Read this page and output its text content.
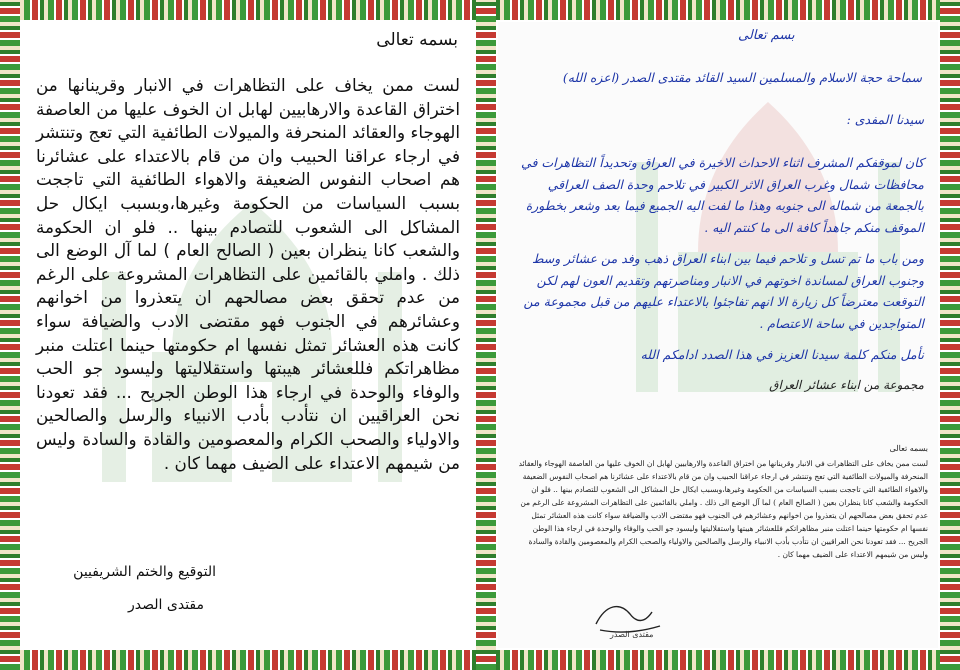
بسمه تعالى
لست ممن يخاف على التظاهرات في الانبار وقرينانها من اختراق القاعدة والارهابيين لهابل ان الخوف عليها من العاصفة الهوجاء والعقائد المنحرفة والميولات الطائفية التي تعج وتنتشر في ارجاء عراقنا الحبيب وان من قام بالاعتداء على عشائرنا هم اصحاب النفوس الضعيفة والاهواء الطائفية التي تاججت بسبب السياسات من الحكومة وغيرها،وبسبب ايكال حل المشاكل الى الشعوب للتصادم بينها .. فلو ان الحكومة والشعب كانا ينظران بعين ( الصالح العام ) لما آل الوضع الى ذلك . واملي بالقائمين على التظاهرات المشروعة على الرغم من عدم تحقق بعض مصالحهم ان يتعذروا من اخوانهم وعشائرهم في الجنوب فهو مقتضى الادب والضيافة سواء كانت هذه العشائر تمثل نفسها ام حكومتها حينما اعتلت منبر مظاهراتكم فللعشائر هيبتها واستقلاليتها وليسود جو الحب والوفاء والوحدة في ارجاء هذا الوطن الجريح ... فقد تعودنا نحن العراقيين ان نتأدب بأدب الانبياء والرسل والصالحين والاولياء والصحب الكرام والمعصومين والقادة والسادة وليس من شيمهم الاعتداء على الضيف مهما كان .
التوقيع والختم الشريفيين
مقتدى الصدر
بسم تعالى
سماحة حجة الاسلام والمسلمين السيد القائد مقتدى الصدر (اعزه الله)
سيدنا المفدى :

كان لموقفكم المشرف اثناء الاحداث الاخيرة في العراق وتحديداً التظاهرات في محافظات شمال وغرب العراق الاثر الكبير في تلاحم وحدة الصف العراقي بالجمعة من شماله الى جنوبه وهذا ما لفت اليه الجميع فيما بعد وشعر بخطورة الموقف منكم جاهداً كافة الى ما كنتم اليه .

ومن باب ما تم تسل و تلاحم فيما بين ابناء العراق ذهب وفد من عشائر وسط وجنوب العراق لمساندة اخوتهم في الانبار ومناصرتهم وتقديم العون لهم لكن التوقعت معترضاً كل زيارة الا انهم تفاجئوا بالاعتداء عليهم من قبل مجموعة من المتواجدين في ساحة الاعتصام .

نأمل منكم كلمة سيدنا العزيز في هذا الصدد ادامكم الله

مجموعة من ابناء عشائر العراق
بسمه تعالى
لست ممن يخاف على التظاهرات في الانبار وقرينانها من اختراق القاعدة والارهابيين لهابل ان الخوف عليها من العاصفة الهوجاء والعقائد المنحرفة والميولات الطائفية التي تعج وتنتشر في ارجاء عراقنا الحبيب وان من قام بالاعتداء على عشائرنا هم اصحاب النفوس الضعيفة والاهواء الطائفية التي تاججت بسبب السياسات من الحكومة وغيرها،وبسبب ايكال حل المشاكل الى الشعوب للتصادم بينها .. فلو ان الحكومة والشعب كانا ينظران بعين ( الصالح العام ) لما آل الوضع الى ذلك . واملي بالقائمين على التظاهرات المشروعة على الرغم من عدم تحقق بعض مصالحهم ان يتعذروا من اخوانهم وعشائرهم في الجنوب فهو مقتضى الادب والضيافة سواء كانت هذه العشائر تمثل نفسها ام حكومتها حينما اعتلت منبر مظاهراتكم فللعشائر هيبتها واستقلاليتها وليسود جو الحب والوفاء والوحدة في ارجاء هذا الوطن الجريح ... فقد تعودنا نحن العراقيين ان نتأدب بأدب الانبياء والرسل والصالحين والاولياء والصحب الكرام والمعصومين والقادة والسادة وليس من شيمهم الاعتداء على الضيف مهما كان .
مقتدى الصدر
